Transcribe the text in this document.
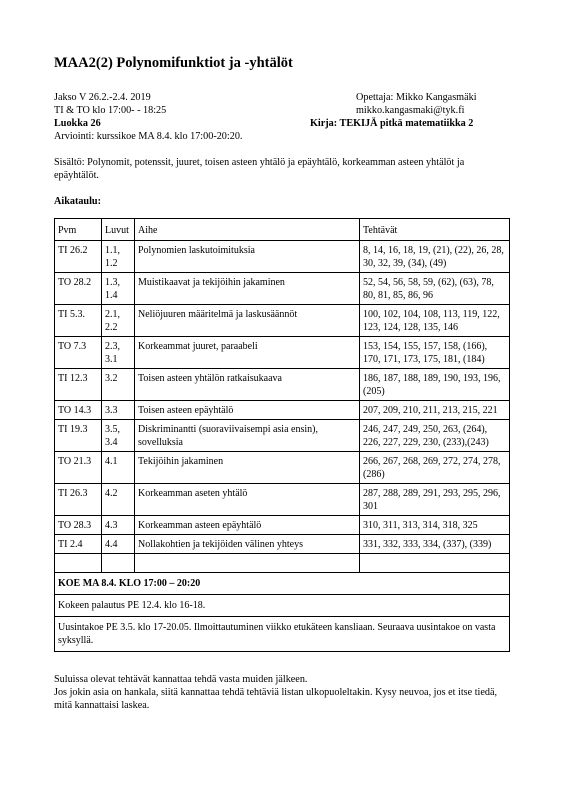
MAA2(2) Polynomifunktiot ja -yhtälöt
Jakso V 26.2.-2.4. 2019
TI & TO klo 17:00- - 18:25
Luokka 26
Arviointi: kurssikoe MA 8.4. klo 17:00-20:20.
Opettaja: Mikko Kangasmäki
mikko.kangasmaki@tyk.fi
Kirja: TEKIJÄ pitkä matematiikka 2
Sisältö: Polynomit, potenssit, juuret, toisen asteen yhtälö ja epäyhtälö, korkeamman asteen yhtälöt ja epäyhtälöt.
Aikataulu:
Pvm	Luvut	Aihe	Tehtävät
TI 26.2	1.1, 1.2	Polynomien laskutoimituksia	8, 14, 16, 18, 19, (21), (22), 26, 28, 30, 32, 39, (34), (49)
TO 28.2	1.3, 1.4	Muistikaavat ja tekijöihin jakaminen	52, 54, 56, 58, 59, (62), (63), 78, 80, 81, 85, 86, 96
TI 5.3.	2.1, 2.2	Neliöjuuren määritelmä ja laskusäännöt	100, 102, 104, 108, 113, 119, 122, 123, 124, 128, 135, 146
TO 7.3	2.3, 3.1	Korkeammat juuret, paraabeli	153, 154, 155, 157, 158, (166), 170, 171, 173, 175, 181, (184)
TI 12.3	3.2	Toisen asteen yhtälön ratkaisukaava	186, 187, 188, 189, 190, 193, 196, (205)
TO 14.3	3.3	Toisen asteen epäyhtälö	207, 209, 210, 211, 213, 215, 221
TI 19.3	3.5, 3.4	Diskriminantti (suoraviivaisempi asia ensin), sovelluksia	246, 247, 249, 250, 263, (264), 226, 227, 229, 230, (233),(243)
TO 21.3	4.1	Tekijöihin jakaminen	266, 267, 268, 269, 272, 274, 278, (286)
TI 26.3	4.2	Korkeamman aseten yhtälö	287, 288, 289, 291, 293, 295, 296, 301
TO 28.3	4.3	Korkeamman asteen epäyhtälö	310, 311, 313, 314, 318, 325
TI 2.4	4.4	Nollakohtien ja tekijöiden välinen yhteys	331, 332, 333, 334, (337), (339)

KOE MA 8.4. KLO 17:00 – 20:20			
Kokeen palautus PE 12.4. klo 16-18.			
Uusintakoe PE 3.5. klo 17-20.05. Ilmoittautuminen viikko etukäteen kansliaan. Seuraava uusintakoe on vasta syksyllä.			
Suluissa olevat tehtävät kannattaa tehdä vasta muiden jälkeen.
Jos jokin asia on hankala, siitä kannattaa tehdä tehtäviä listan ulkopuoleltakin. Kysy neuvoa, jos et itse tiedä, mitä kannattaisi laskea.
